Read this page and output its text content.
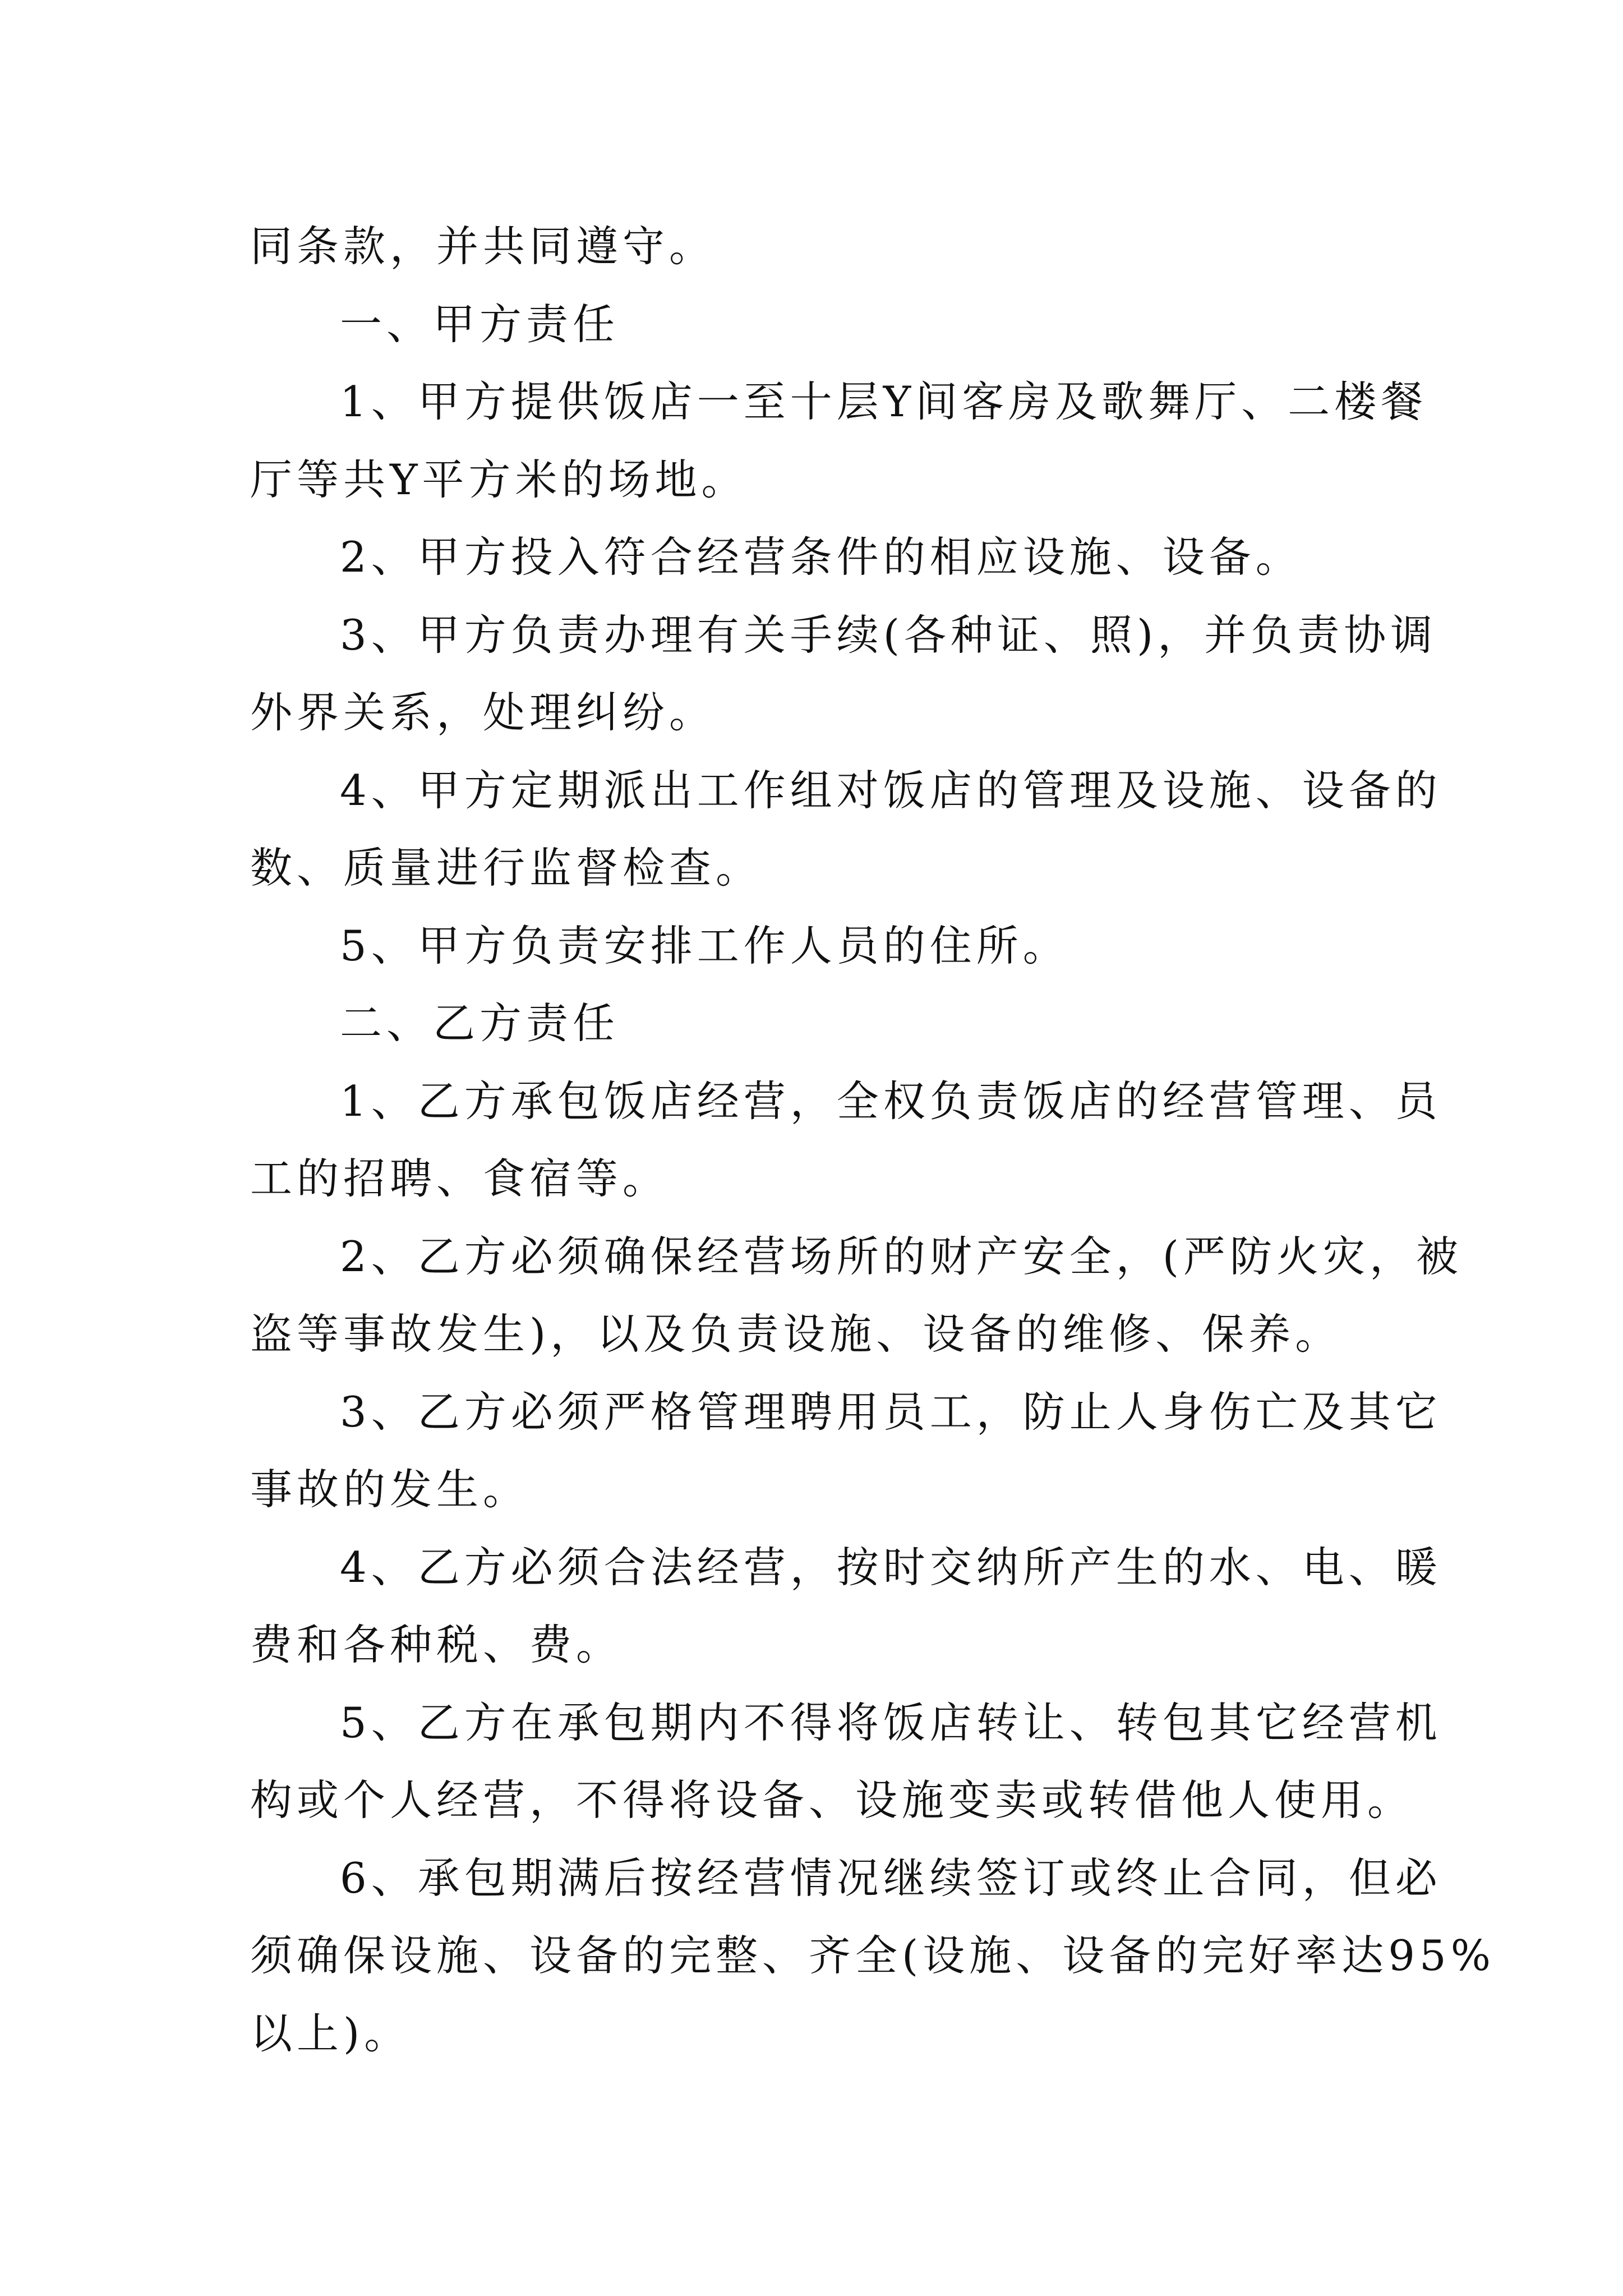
同条款，并共同遵守。
一、甲方责任
1、甲方提供饭店一至十层Y间客房及歌舞厅、二楼餐
厅等共Y平方米的场地。
2、甲方投入符合经营条件的相应设施、设备。
3、甲方负责办理有关手续(各种证、照)，并负责协调
外界关系，处理纠纷。
4、甲方定期派出工作组对饭店的管理及设施、设备的
数、质量进行监督检查。
5、甲方负责安排工作人员的住所。
二、乙方责任
1、乙方承包饭店经营，全权负责饭店的经营管理、员
工的招聘、食宿等。
2、乙方必须确保经营场所的财产安全，(严防火灾，被
盗等事故发生)，以及负责设施、设备的维修、保养。
3、乙方必须严格管理聘用员工，防止人身伤亡及其它
事故的发生。
4、乙方必须合法经营，按时交纳所产生的水、电、暖
费和各种税、费。
5、乙方在承包期内不得将饭店转让、转包其它经营机
构或个人经营，不得将设备、设施变卖或转借他人使用。
6、承包期满后按经营情况继续签订或终止合同，但必
须确保设施、设备的完整、齐全(设施、设备的完好率达95%
以上)。
